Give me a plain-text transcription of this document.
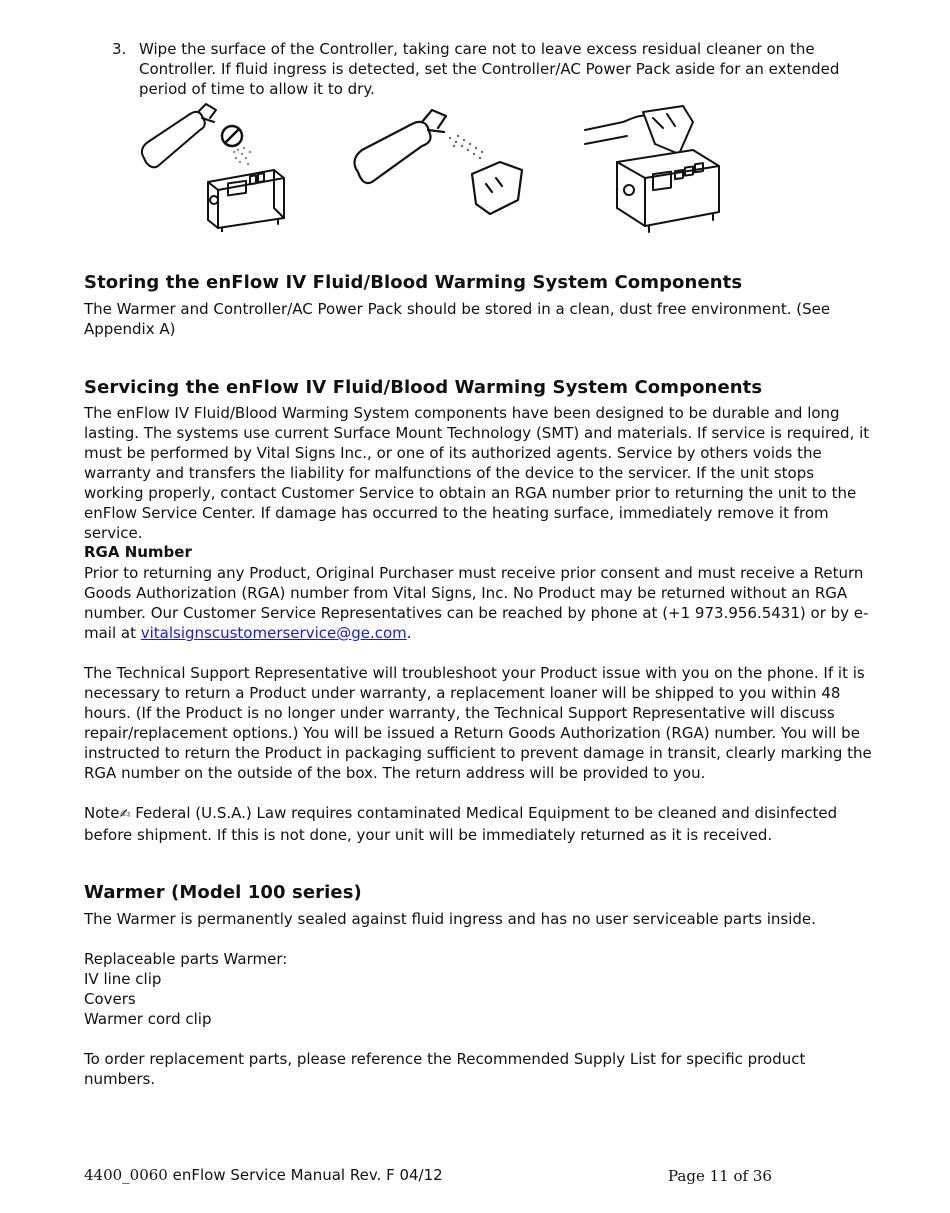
3. Wipe the surface of the Controller, taking care not to leave excess residual cleaner on the Controller. If fluid ingress is detected, set the Controller/AC Power Pack aside for an extended period of time to allow it to dry.
Storing the enFlow IV Fluid/Blood Warming System Components
The Warmer and Controller/AC Power Pack should be stored in a clean, dust free environment. (See Appendix A)
Servicing the enFlow IV Fluid/Blood Warming System Components
The enFlow IV Fluid/Blood Warming System components have been designed to be durable and long lasting. The systems use current Surface Mount Technology (SMT) and materials. If service is required, it must be performed by Vital Signs Inc., or one of its authorized agents. Service by others voids the warranty and transfers the liability for malfunctions of the device to the servicer. If the unit stops working properly, contact Customer Service to obtain an RGA number prior to returning the unit to the enFlow Service Center. If damage has occurred to the heating surface, immediately remove it from service.
RGA Number
Prior to returning any Product, Original Purchaser must receive prior consent and must receive a Return Goods Authorization (RGA) number from Vital Signs, Inc. No Product may be returned without an RGA number. Our Customer Service Representatives can be reached by phone at (+1 973.956.5431) or by e-mail at vitalsignscustomerservice@ge.com.
The Technical Support Representative will troubleshoot your Product issue with you on the phone. If it is necessary to return a Product under warranty, a replacement loaner will be shipped to you within 48 hours. (If the Product is no longer under warranty, the Technical Support Representative will discuss repair/replacement options.) You will be issued a Return Goods Authorization (RGA) number. You will be instructed to return the Product in packaging sufficient to prevent damage in transit, clearly marking the RGA number on the outside of the box. The return address will be provided to you.
Note✍ Federal (U.S.A.) Law requires contaminated Medical Equipment to be cleaned and disinfected before shipment. If this is not done, your unit will be immediately returned as it is received.
Warmer (Model 100 series)
The Warmer is permanently sealed against fluid ingress and has no user serviceable parts inside.
Replaceable parts Warmer:
IV line clip
Covers
Warmer cord clip
To order replacement parts, please reference the Recommended Supply List for specific product numbers.
4400_0060 enFlow Service Manual Rev. F 04/12	Page 11 of 36
